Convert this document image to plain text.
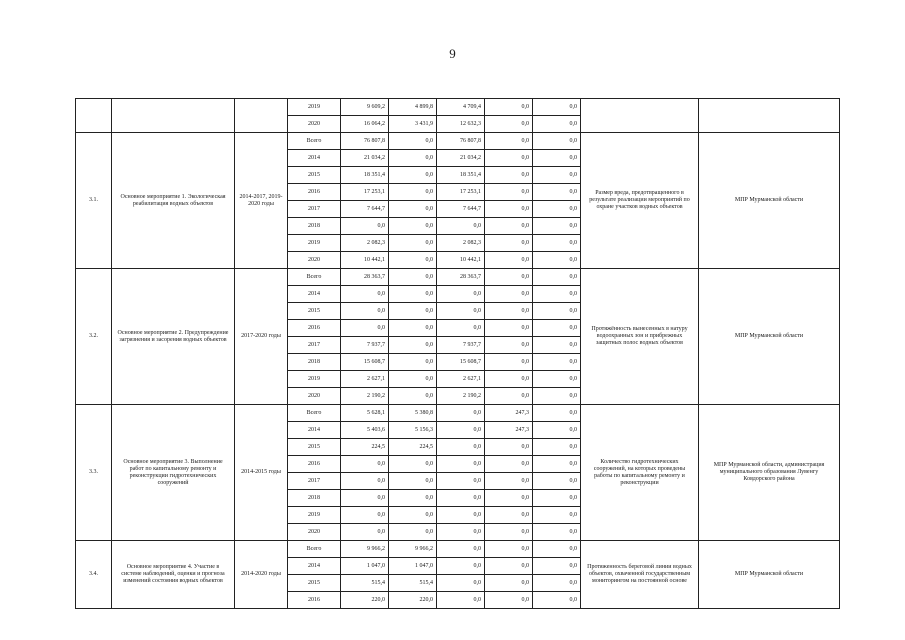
9
			2019	9 609,2	4 899,8	4 709,4	0,0	0,0		
			2020	16 064,2	3 431,9	12 632,3	0,0	0,0		
3.1.	Основное мероприятие 1. Экологическая реабилитация водных объектов	2014-2017, 2019-2020 годы	Всего	76 807,8	0,0	76 807,8	0,0	0,0	Размер вреда, предотвращенного в результате реализации мероприятий по охране участков водных объектов	МПР Мурманской области
			2014	21 034,2	0,0	21 034,2	0,0	0,0		
			2015	18 351,4	0,0	18 351,4	0,0	0,0		
			2016	17 253,1	0,0	17 253,1	0,0	0,0		
			2017	7 644,7	0,0	7 644,7	0,0	0,0		
			2018	0,0	0,0	0,0	0,0	0,0		
			2019	2 082,3	0,0	2 082,3	0,0	0,0		
			2020	10 442,1	0,0	10 442,1	0,0	0,0		
3.2.	Основное мероприятие 2. Предупреждение загрязнения и засорения водных объектов	2017-2020 годы	Всего	28 363,7	0,0	28 363,7	0,0	0,0	Протяжённость вынесенных в натуру водоохранных зон и прибрежных защитных полос водных объектов	МПР Мурманской области
			2014	0,0	0,0	0,0	0,0	0,0		
			2015	0,0	0,0	0,0	0,0	0,0		
			2016	0,0	0,0	0,0	0,0	0,0		
			2017	7 937,7	0,0	7 937,7	0,0	0,0		
			2018	15 608,7	0,0	15 608,7	0,0	0,0		
			2019	2 627,1	0,0	2 627,1	0,0	0,0		
			2020	2 190,2	0,0	2 190,2	0,0	0,0		
3.3.	Основное мероприятие 3. Выполнение работ по капитальному ремонту и реконструкции гидротехнических сооружений	2014-2015 годы	Всего	5 628,1	5 380,8	0,0	247,3	0,0	Количество гидротехнических сооружений, на которых проведены работы по капитальному ремонту и реконструкции	МПР Мурманской области, администрация муниципального образования Лувенгу Ковдорского района
			2014	5 403,6	5 156,3	0,0	247,3	0,0		
			2015	224,5	224,5	0,0	0,0	0,0		
			2016	0,0	0,0	0,0	0,0	0,0		
			2017	0,0	0,0	0,0	0,0	0,0		
			2018	0,0	0,0	0,0	0,0	0,0		
			2019	0,0	0,0	0,0	0,0	0,0		
			2020	0,0	0,0	0,0	0,0	0,0		
3.4.	Основное мероприятие 4. Участие в системе наблюдений, оценки и прогноза изменений состояния водных объектов	2014-2020 годы	Всего	9 966,2	9 966,2	0,0	0,0	0,0	Протяженность береговой линии водных объектов, охваченной государственным мониторингом на постоянной основе	МПР Мурманской области
			2014	1 047,0	1 047,0	0,0	0,0	0,0		
			2015	515,4	515,4	0,0	0,0	0,0		
			2016	220,0	220,0	0,0	0,0	0,0		
